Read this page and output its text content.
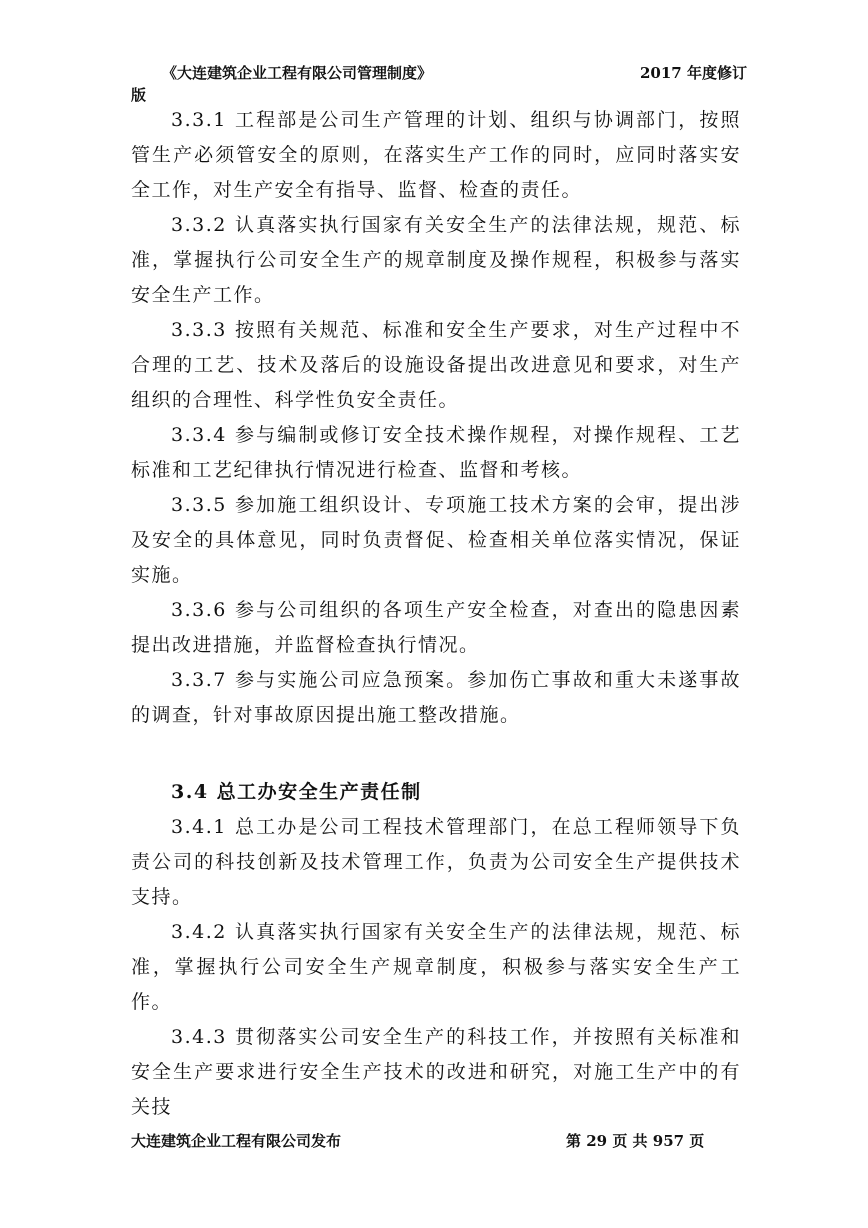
《大连建筑企业工程有限公司管理制度》	2017 年度修订
版

3.3.1 工程部是公司生产管理的计划、组织与协调部门，按照管生产必须管安全的原则，在落实生产工作的同时，应同时落实安全工作，对生产安全有指导、监督、检查的责任。

3.3.2 认真落实执行国家有关安全生产的法律法规，规范、标准，掌握执行公司安全生产的规章制度及操作规程，积极参与落实安全生产工作。

3.3.3 按照有关规范、标准和安全生产要求，对生产过程中不合理的工艺、技术及落后的设施设备提出改进意见和要求，对生产组织的合理性、科学性负安全责任。

3.3.4 参与编制或修订安全技术操作规程，对操作规程、工艺标准和工艺纪律执行情况进行检查、监督和考核。

3.3.5 参加施工组织设计、专项施工技术方案的会审，提出涉及安全的具体意见，同时负责督促、检查相关单位落实情况，保证实施。

3.3.6 参与公司组织的各项生产安全检查，对查出的隐患因素提出改进措施，并监督检查执行情况。

3.3.7 参与实施公司应急预案。参加伤亡事故和重大未遂事故的调查，针对事故原因提出施工整改措施。

3.4 总工办安全生产责任制

3.4.1 总工办是公司工程技术管理部门，在总工程师领导下负责公司的科技创新及技术管理工作，负责为公司安全生产提供技术支持。

3.4.2 认真落实执行国家有关安全生产的法律法规，规范、标准，掌握执行公司安全生产规章制度，积极参与落实安全生产工作。

3.4.3 贯彻落实公司安全生产的科技工作，并按照有关标准和安全生产要求进行安全生产技术的改进和研究，对施工生产中的有关技

大连建筑企业工程有限公司发布	第 29 页 共 957 页
